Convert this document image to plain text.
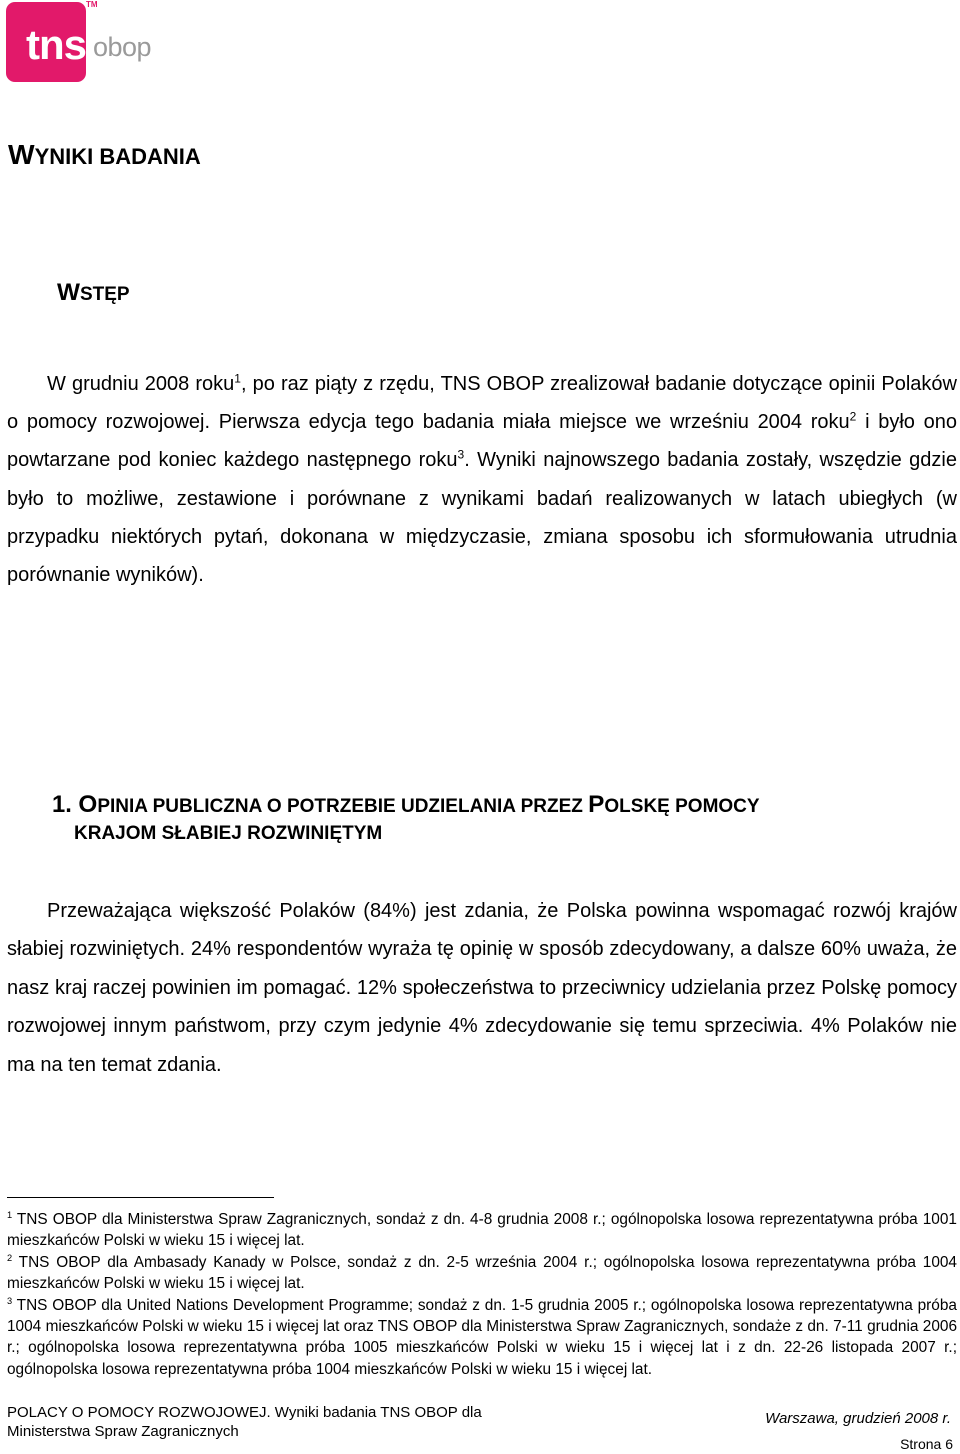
tns
TM
obop
WYNIKI BADANIA
WSTĘP

W grudniu 2008 roku$^1$, po raz piąty z rzędu, TNS OBOP zrealizował badanie dotyczące opinii Polaków o pomocy rozwojowej. Pierwsza edycja tego badania miała miejsce we wrześniu 2004 roku$^2$ i było ono powtarzane pod koniec każdego następnego roku$^3$. Wyniki najnowszego badania zostały, wszędzie gdzie było to możliwe, zestawione i porównane z wynikami badań realizowanych w latach ubiegłych (w przypadku niektórych pytań, dokonana w międzyczasie, zmiana sposobu ich sformułowania utrudnia porównanie wyników).

1. OPINIA PUBLICZNA O POTRZEBIE UDZIELANIA PRZEZ POLSKĘ POMOCY
KRAJOM SŁABIEJ ROZWINIĘTYM

Przeważająca większość Polaków (84%) jest zdania, że Polska powinna wspomagać rozwój krajów słabiej rozwiniętych. 24% respondentów wyraża tę opinię w sposób zdecydowany, a dalsze 60% uważa, że nasz kraj raczej powinien im pomagać. 12% społeczeństwa to przeciwnicy udzielania przez Polskę pomocy rozwojowej innym państwom, przy czym jedynie 4% zdecydowanie się temu sprzeciwia. 4% Polaków nie ma na ten temat zdania.

$^1$ TNS OBOP dla Ministerstwa Spraw Zagranicznych, sondaż z dn. 4-8 grudnia 2008 r.; ogólnopolska losowa reprezentatywna próba 1001 mieszkańców Polski w wieku 15 i więcej lat.

$^2$ TNS OBOP dla Ambasady Kanady w Polsce, sondaż z dn. 2-5 września 2004 r.; ogólnopolska losowa reprezentatywna próba 1004 mieszkańców Polski w wieku 15 i więcej lat.

$^3$ TNS OBOP dla United Nations Development Programme; sondaż z dn. 1-5 grudnia 2005 r.; ogólnopolska losowa reprezentatywna próba 1004 mieszkańców Polski w wieku 15 i więcej lat oraz TNS OBOP dla Ministerstwa Spraw Zagranicznych, sondaże z dn. 7-11 grudnia 2006 r.; ogólnopolska losowa reprezentatywna próba 1005 mieszkańców Polski w wieku 15 i więcej lat i z dn. 22-26 listopada 2007 r.; ogólnopolska losowa reprezentatywna próba 1004 mieszkańców Polski w wieku 15 i więcej lat.

POLACY O POMOCY ROZWOJOWEJ. Wyniki badania TNS OBOP dla
Ministerstwa Spraw Zagranicznych
Warszawa, grudzień 2008 r.
Strona 6
